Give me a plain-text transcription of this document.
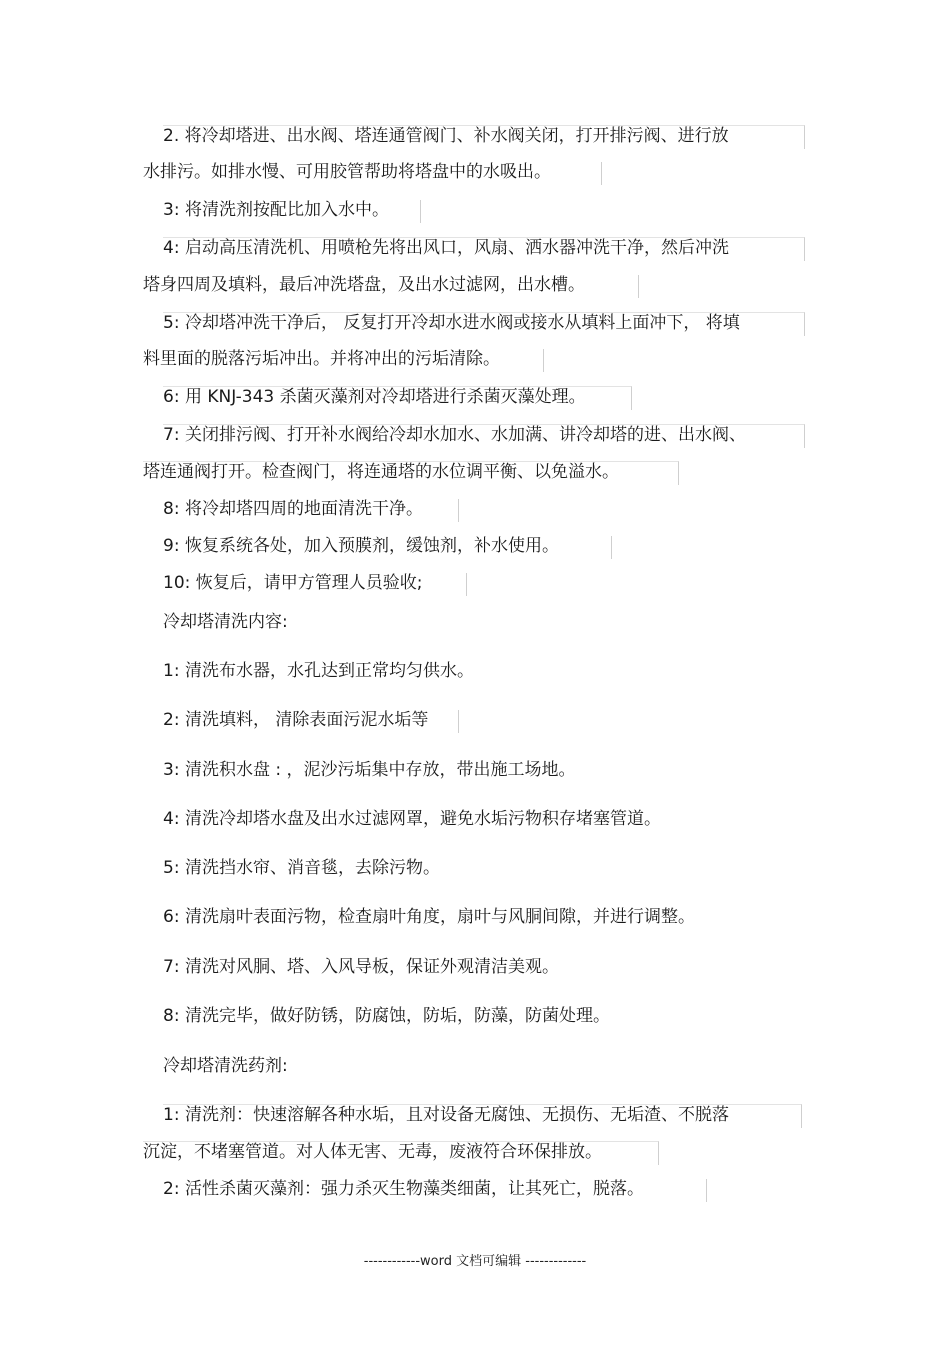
2. 将冷却塔进、出水阀、塔连通管阀门、补水阀关闭，打开排污阀、进行放
水排污。如排水慢、可用胶管帮助将塔盘中的水吸出。
3: 将清洗剂按配比加入水中。
4: 启动高压清洗机、用喷枪先将出风口，风扇、洒水器冲洗干净，然后冲洗
塔身四周及填料，最后冲洗塔盘，及出水过滤网，出水槽。
5: 冷却塔冲洗干净后， 反复打开冷却水进水阀或接水从填料上面冲下， 将填
料里面的脱落污垢冲出。并将冲出的污垢清除。
6: 用 KNJ-343 杀菌灭藻剂对冷却塔进行杀菌灭藻处理。
7: 关闭排污阀、打开补水阀给冷却水加水、水加满、讲冷却塔的进、出水阀、
塔连通阀打开。检查阀门，将连通塔的水位调平衡、以免溢水。
8: 将冷却塔四周的地面清洗干净。
9: 恢复系统各处，加入预膜剂，缓蚀剂，补水使用。
10: 恢复后，请甲方管理人员验收;
冷却塔清洗内容:
1: 清洗布水器，水孔达到正常均匀供水。
2: 清洗填料， 清除表面污泥水垢等
3: 清洗积水盘 : ，泥沙污垢集中存放，带出施工场地。
4: 清洗冷却塔水盘及出水过滤网罩，避免水垢污物积存堵塞管道。
5: 清洗挡水帘、消音毯，去除污物。
6: 清洗扇叶表面污物，检查扇叶角度，扇叶与风胴间隙，并进行调整。
7: 清洗对风胴、塔、入风导板，保证外观清洁美观。
8: 清洗完毕，做好防锈，防腐蚀，防垢，防藻，防菌处理。
冷却塔清洗药剂:
1: 清洗剂：快速溶解各种水垢，且对设备无腐蚀、无损伤、无垢渣、不脱落
沉淀，不堵塞管道。对人体无害、无毒，废液符合环保排放。
2: 活性杀菌灭藻剂：强力杀灭生物藻类细菌，让其死亡，脱落。
------------word 文档可编辑 -------------
